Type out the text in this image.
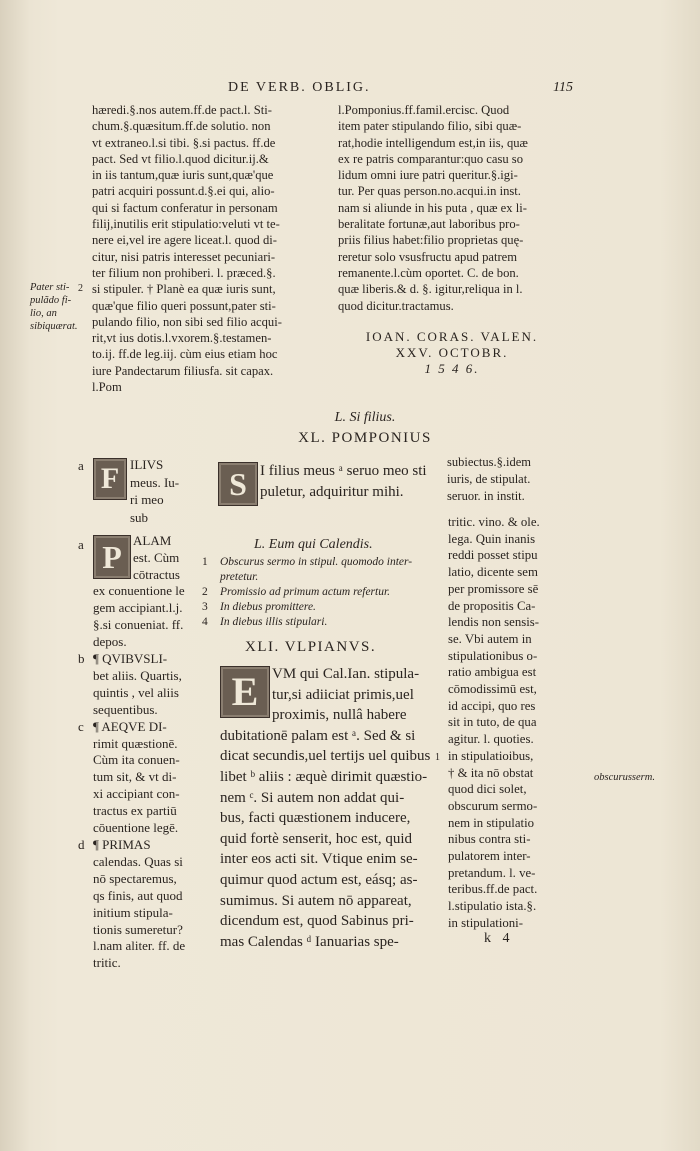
DE VERB. OBLIG.	115
hæredi.§.nos autem.ff.de pact.l. Sti-
chum.§.quæsitum.ff.de solutio. non
vt extraneo.l.si tibi. §.si pactus. ff.de
pact. Sed vt filio.l.quod dicitur.ij.&
in iis tantum,quæ iuris sunt,quæ'que
patri acquiri possunt.d.§.ei qui, alio-
qui si factum conferatur in personam
filij,inutilis erit stipulatio:veluti vt te-
nere ei,vel ire agere liceat.l. quod di-
citur, nisi patris interesset pecuniari-
ter filium non prohiberi. l. præced.§.
si stipuler. † Planè ea quæ iuris sunt,
quæ'que filio queri possunt,pater sti-
pulando filio, non sibi sed filio acqui-
rit,vt ius dotis.l.vxorem.§.testamen-
to.ij. ff.de leg.iij. cùm eius etiam hoc
iure Pandectarum filiusfa. sit capax.
l.Pom
2
Pater sti-pulãdo fi-lio, an sibiquærat.
l.Pomponius.ff.famil.ercisc. Quod
item pater stipulando filio, sibi quæ-
rat,hodie intelligendum est,in iis, quæ
ex re patris comparantur:quo casu so
lidum omni iure patri queritur.§.igi-
tur. Per quas person.no.acqui.in inst.
nam si aliunde in his puta , quæ ex li-
beralitate fortunæ,aut laboribus pro-
priis filius habet:filio proprietas quę-
reretur solo vsusfructu apud patrem
remanente.l.cùm oportet. C. de bon.
quæ liberis.& d. §. igitur,reliqua in l.
quod dicitur.tractamus.
IOAN. CORAS. VALEN.
XXV. OCTOBR.
1 5 4 6.
L. Si filius.
XL. POMPONIUS
a F ILIVS
meus. Iu-
ri meo
sub
S I filius meus ᵃ seruo meo sti
puletur, adquiritur mihi.
subiectus.§.idem
iuris, de stipulat.
seruor. in instit.
L. Eum qui Calendis.
1 Obscurus sermo in stipul. quomodo inter-
pretetur.
2 Promissio ad primum actum refertur.
3 In diebus promittere.
4 In diebus illis stipulari.
XLI. VLPIANVS.
E VM qui Cal.Ian. stipula-
tur,si adiiciat primis,uel
proximis, nullâ habere
dubitationē palam est ᵃ. Sed & si
dicat secundis,uel tertijs uel quibus
libet ᵇ aliis : æquè dirimit quæstio-
nem ᶜ. Si autem non addat qui-
bus, facti quæstionem inducere,
quid fortè senserit, hoc est, quid
inter eos acti sit. Vtique enim se-
quimur quod actum est, eásq; as-
sumimus. Si autem nō appareat,
dicendum est, quod Sabinus pri-
mas Calendas ᵈ Ianuarias spe-
a P ALAM
est. Cùm
cōtractus
ex conuentione le
gem accipiant.l.j.
§.si conueniat. ff.
depos.
b ¶ QVIBVSLI-
bet aliis. Quartis,
quintis , vel aliis
sequentibus.
c ¶ AEQVE DI-
rimit quæstionē.
Cùm ita conuen-
tum sit, & vt di-
xi accipiant con-
tractus ex partiū
cōuentione legē.
d ¶ PRIMAS
calendas. Quas si
nō spectaremus,
qs finis, aut quod
initium stipula-
tionis sumeretur?
l.nam aliter. ff. de
tritic.
tritic. vino. & ole.
lega. Quin inanis
reddi posset stipu
latio, dicente sem
per promissore sē
de propositis Ca-
lendis non sensis-
se. Vbi autem in
stipulationibus o-
ratio ambigua est
cōmodissimū est,
id accipi, quo res
sit in tuto, de qua
agitur. l. quoties.
in stipulatioibus,
† & ita nō obstat
quod dici solet,
obscurum sermo-
nem in stipulatio
nibus contra sti-
pulatorem inter-
pretandum. l. ve-
teribus.ff.de pact.
l.stipulatio ista.§.
in stipulationi-
1
obscurusserm.
k 4
